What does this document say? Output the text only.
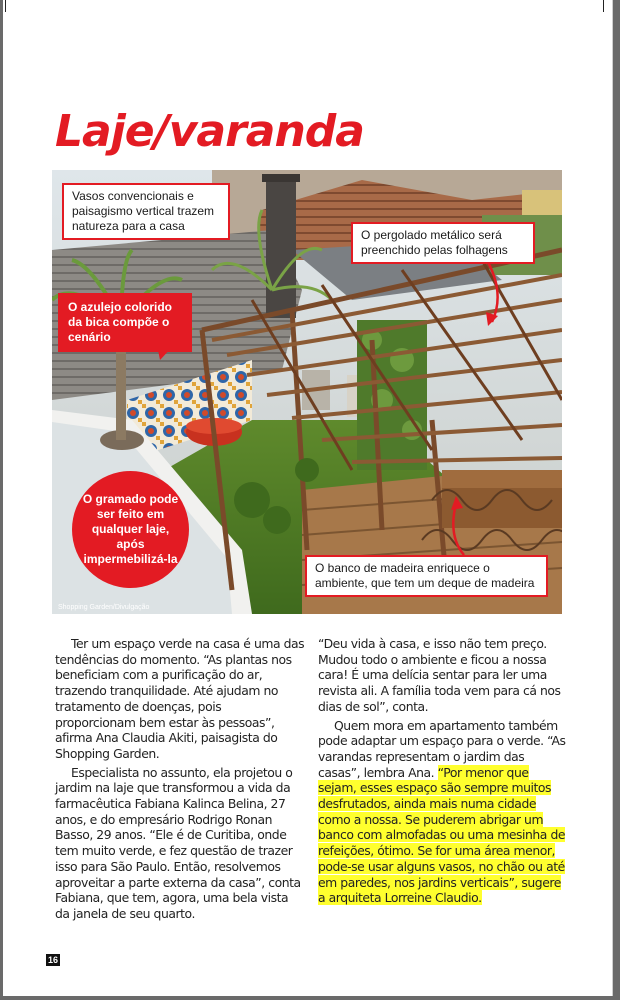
Laje/varanda
Shopping Garden/Divulgação
Vasos convencionais e paisagismo vertical trazem natureza para a casa
O pergolado metálico será preenchido pelas folhagens
O azulejo colorido da bica compõe o cenário
O gramado pode ser feito em qualquer laje, após impermebilizá-la
O banco de madeira enriquece o ambiente, que tem um deque de madeira

Ter um espaço verde na casa é uma das tendências do momento. “As plantas nos beneficiam com a purificação do ar, trazendo tranquilidade. Até ajudam no tratamento de doenças, pois proporcionam bem estar às pessoas”, afirma Ana Claudia Akiti, paisagista do Shopping Garden.

Especialista no assunto, ela projetou o jardim na laje que transformou a vida da farmacêutica Fabiana Kalinca Belina, 27 anos, e do empresário Rodrigo Ronan Basso, 29 anos. “Ele é de Curitiba, onde tem muito verde, e fez questão de trazer isso para São Paulo. Então, resolvemos aproveitar a parte externa da casa”, conta Fabiana, que tem, agora, uma bela vista da janela de seu quarto.

“Deu vida à casa, e isso não tem preço. Mudou todo o ambiente e ficou a nossa cara! É uma delícia sentar para ler uma revista ali. A família toda vem para cá nos dias de sol”, conta.

Quem mora em apartamento também pode adaptar um espaço para o verde. “As varandas representam o jardim das casas”, lembra Ana. “Por menor que sejam, esses espaço são sempre muitos desfrutados, ainda mais numa cidade como a nossa. Se puderem abrigar um banco com almofadas ou uma mesinha de refeições, ótimo. Se for uma área menor, pode-se usar alguns vasos, no chão ou até em paredes, nos jardins verticais”, sugere a arquiteta Lorreine Claudio.

16
